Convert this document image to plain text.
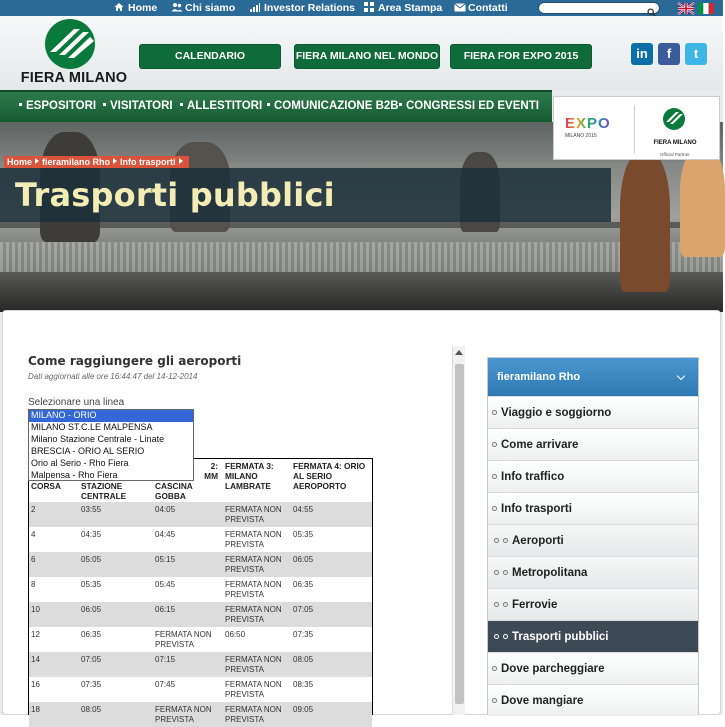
Home	Chi siamo	Investor Relations	Area Stampa	Contatti
FIERA MILANO
CALENDARIO	FIERA MILANO NEL MONDO	FIERA FOR EXPO 2015	in	f	t
ESPOSITORI	VISITATORI	ALLESTITORI	COMUNICAZIONE B2B CONGRESSI ED EVENTI
EXPO
MILANO 2015
FIERA MILANO
Official Partner
Home fieramilano Rho Info trasporti
Trasporti pubblici
Come raggiungere gli aeroporti
Dati aggiornati alle ore 16:44:47 del 14-12-2014
Selezionare una linea
CORSA	STAZIONE CENTRALE	2:
MM
CASCINA GOBBA	FERMATA 3: MILANO LAMBRATE	FERMATA 4: ORIO AL SERIO AEROPORTO
2	03:55	04:05	FERMATA NON PREVISTA	04:55
4	04:35	04:45	FERMATA NON PREVISTA	05:35
6	05:05	05:15	FERMATA NON PREVISTA	06:05
8	05:35	05:45	FERMATA NON PREVISTA	06:35
10	06:05	06:15	FERMATA NON PREVISTA	07:05
12	06:35	FERMATA NON PREVISTA	06:50	07:35
14	07:05	07:15	FERMATA NON PREVISTA	08:05
16	07:35	07:45	FERMATA NON PREVISTA	08:35
18	08:05	FERMATA NON PREVISTA	FERMATA NON PREVISTA	09:05
MILANO - ORIO
MILANO ST.C.LE MALPENSA
Milano Stazione Centrale - Linate
BRESCIA - ORIO AL SERIO
Orio al Serio - Rho Fiera
Malpensa - Rho Fiera
fieramilano Rho
Viaggio e soggiorno
Come arrivare
Info traffico
Info trasporti
Aeroporti
Metropolitana
Ferrovie
Trasporti pubblici
Dove parcheggiare
Dove mangiare
